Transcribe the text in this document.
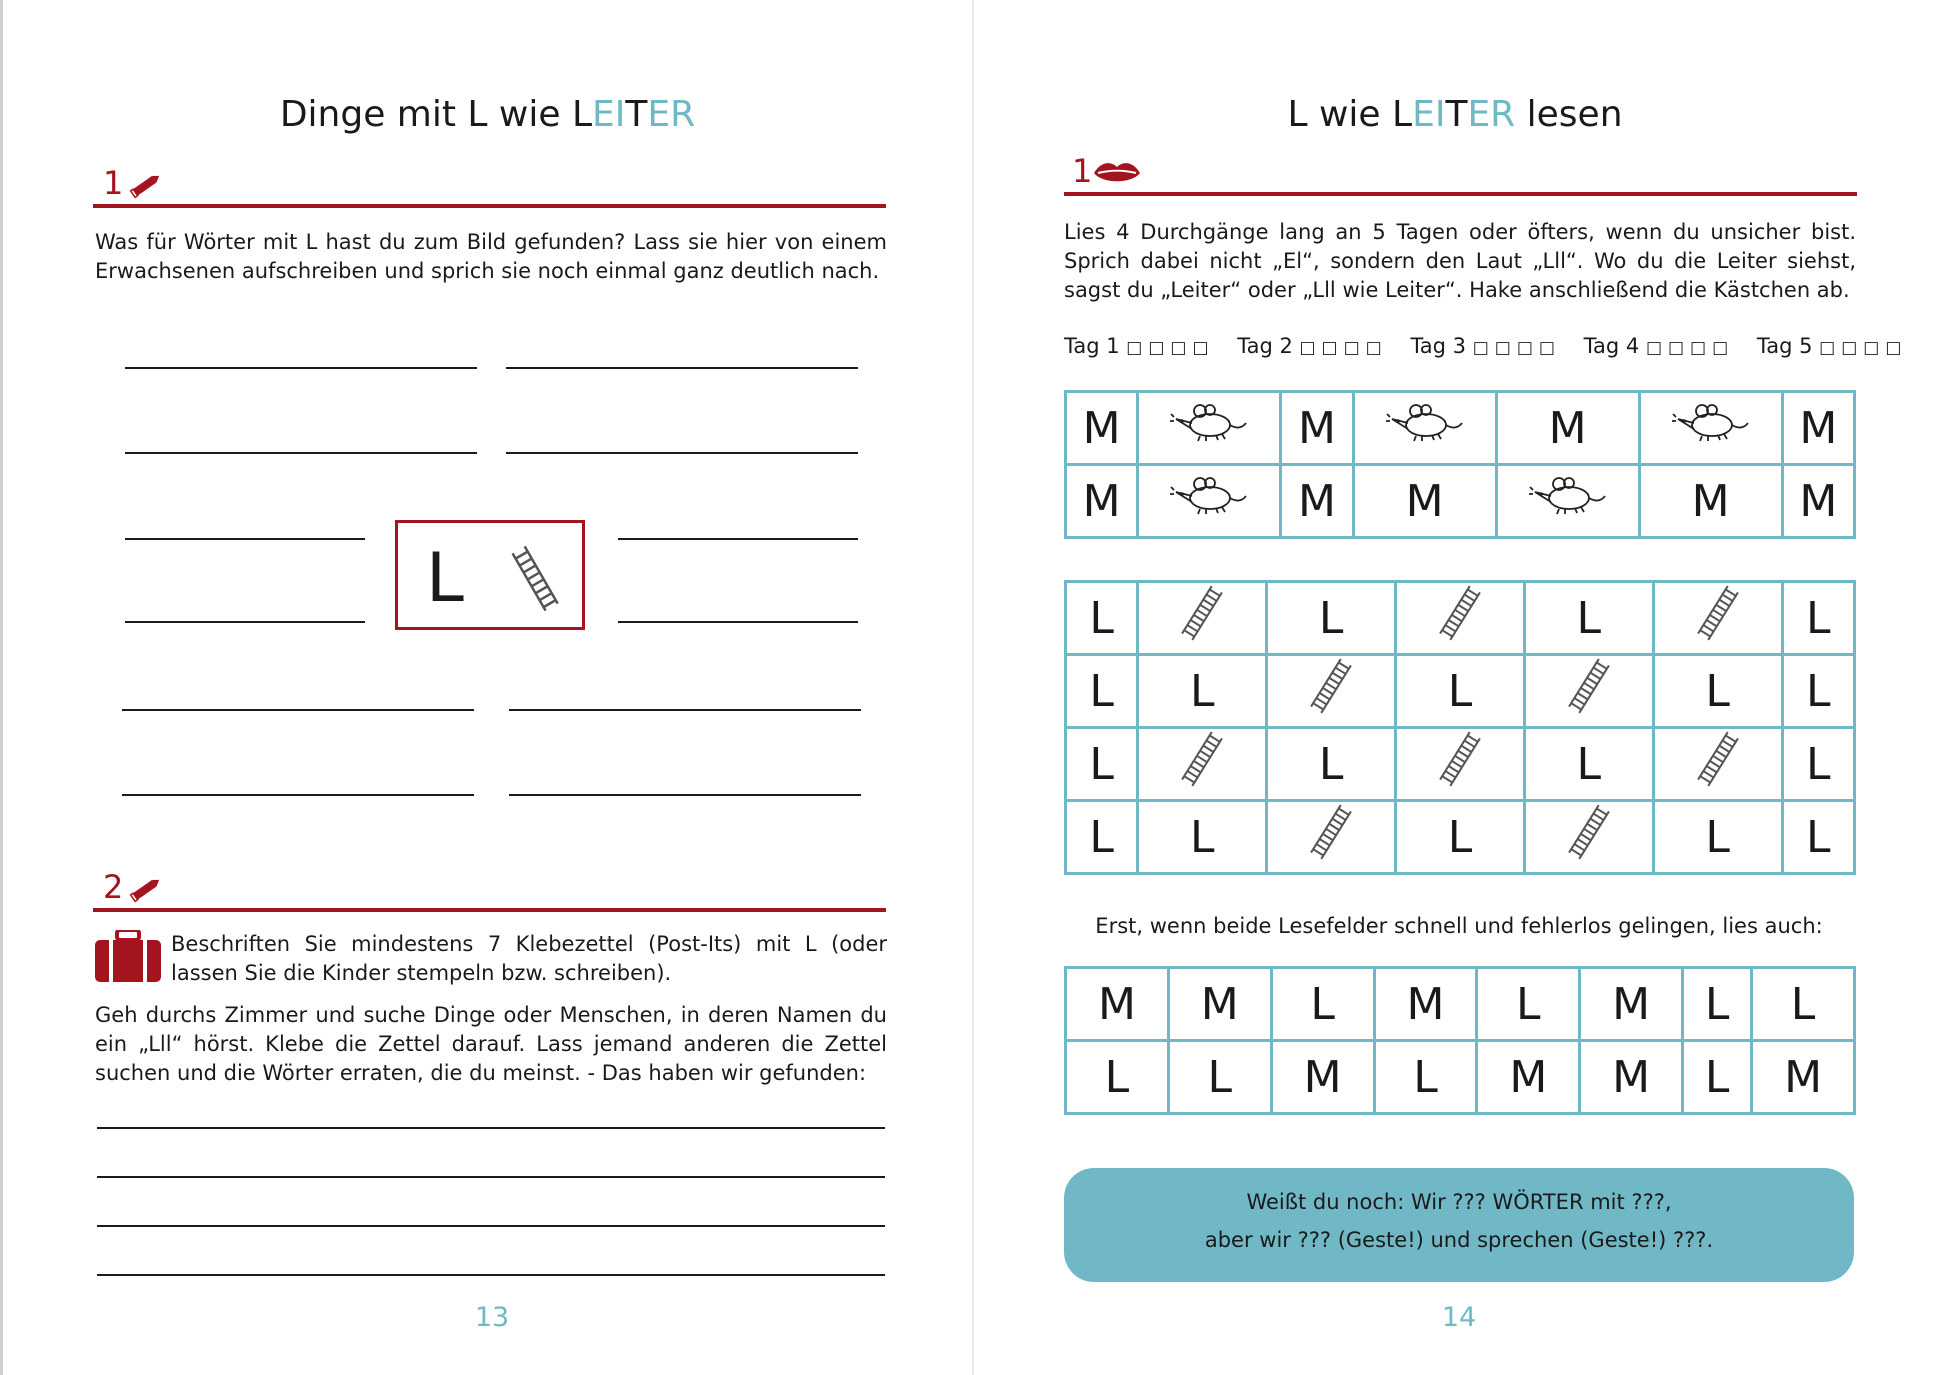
Dinge mit L wie LEITER
1
Was für Wörter mit L hast du zum Bild gefunden? Lass sie hier von einem Erwachsenen aufschreiben und sprich sie noch einmal ganz deutlich nach.
L
2
Beschriften Sie mindestens 7 Klebezettel (Post-Its) mit L (oder lassen Sie die Kinder stempeln bzw. schreiben).
Geh durchs Zimmer und suche Dinge oder Menschen, in deren Namen du ein „Lll“ hörst. Klebe die Zettel darauf. Lass jemand anderen die Zettel suchen und die Wörter erraten, die du meinst. - Das haben wir gefunden:
13
L wie LEITER lesen
1
Lies 4 Durchgänge lang an 5 Tagen oder öfters, wenn du unsicher bist. Sprich dabei nicht „El“, sondern den Laut „Lll“. Wo du die Leiter siehst, sagst du „Leiter“ oder „Lll wie Leiter“. Hake anschließend die Kästchen ab.
Tag 1 □□□□ Tag 2 □□□□ Tag 3 □□□□ Tag 4 □□□□ Tag 5 □□□□
M		M		M		M
M		M	M		M	M
L		L		L		L
L	L		L		L	L
L		L		L		L
L	L		L		L	L
Erst, wenn beide Lesefelder schnell und fehlerlos gelingen, lies auch:
M	M	L	M	L	M	L	L
L	L	M	L	M	M	L	M

Weißt du noch: Wir ??? WÖRTER mit ???,

aber wir ??? (Geste!) und sprechen (Geste!) ???.

14
